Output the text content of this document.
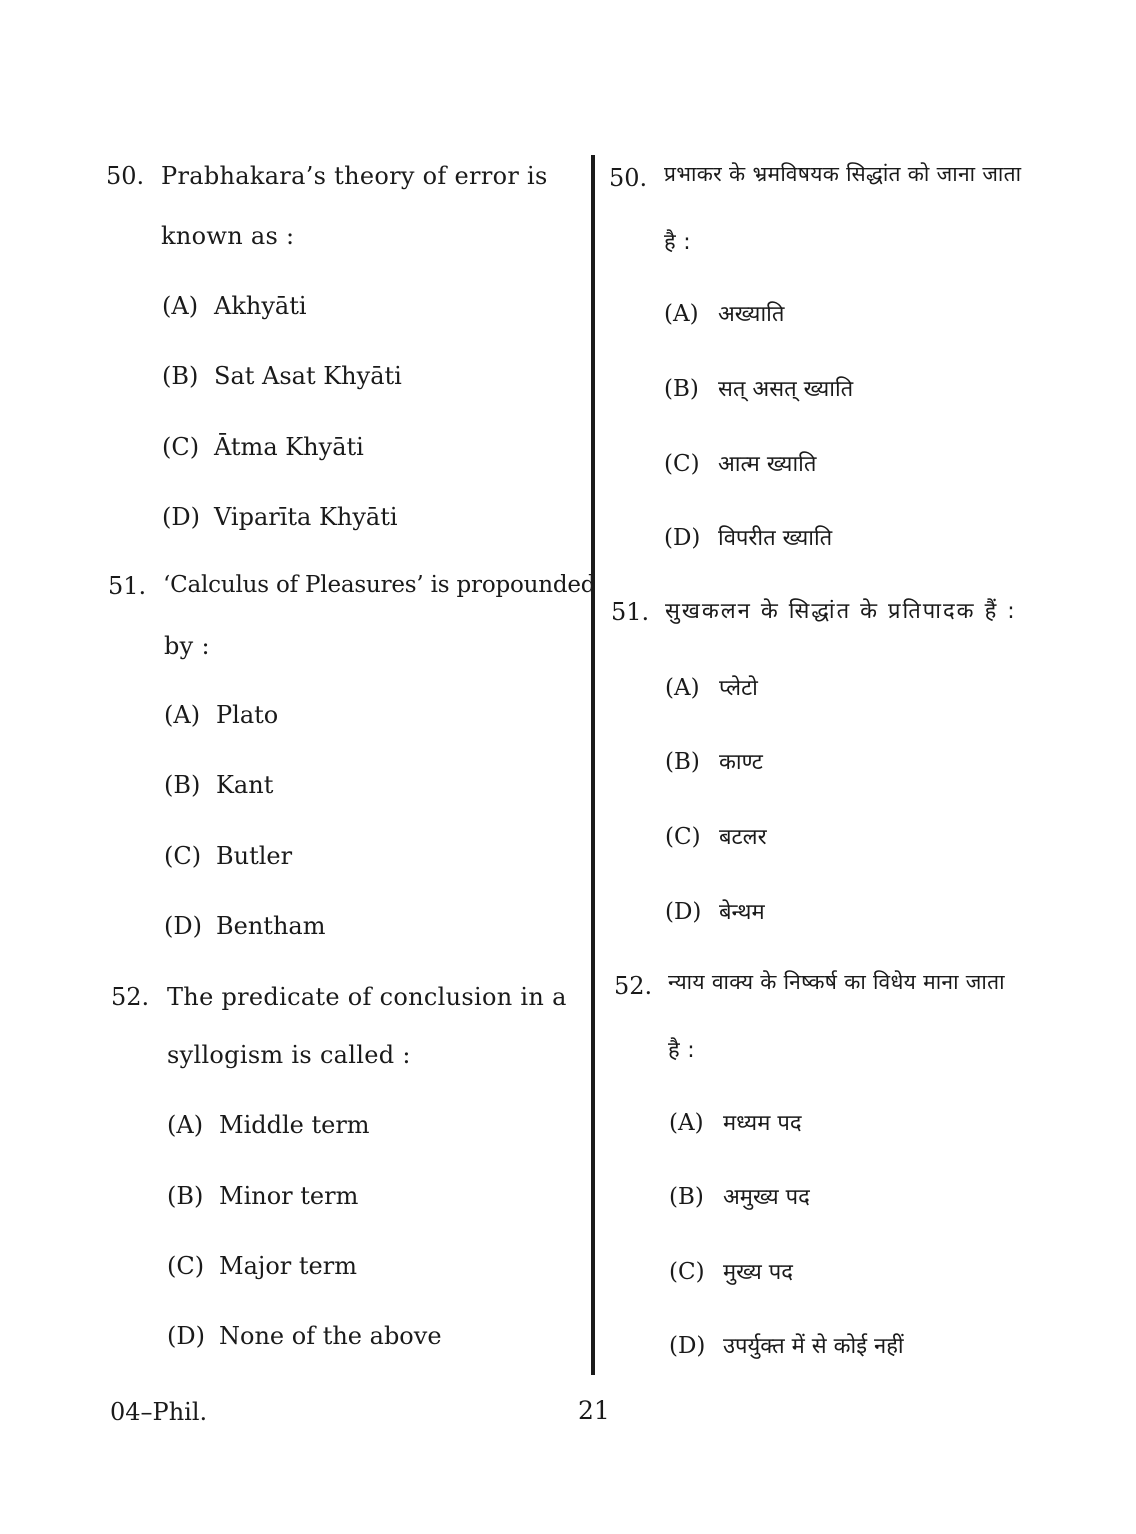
50. Prabhakara’s theory of error is
known as :
(A) Akhyāti
(B) Sat Asat Khyāti
(C) Ātma Khyāti
(D) Viparīta Khyāti
51. ‘Calculus of Pleasures’ is propounded
by :
(A) Plato
(B) Kant
(C) Butler
(D) Bentham
52. The predicate of conclusion in a
syllogism is called :
(A) Middle term
(B) Minor term
(C) Major term
(D) None of the above
50. प्रभाकर के भ्रमविषयक सिद्धांत को जाना जाता
है :
(A) अख्याति
(B) सत् असत् ख्याति
(C) आत्म ख्याति
(D) विपरीत ख्याति
51. सुखकलन के सिद्धांत के प्रतिपादक हैं :
(A) प्लेटो
(B) काण्ट
(C) बटलर
(D) बेन्थम
52. न्याय वाक्य के निष्कर्ष का विधेय माना जाता
है :
(A) मध्यम पद
(B) अमुख्य पद
(C) मुख्य पद
(D) उपर्युक्त में से कोई नहीं
04–Phil.	21
